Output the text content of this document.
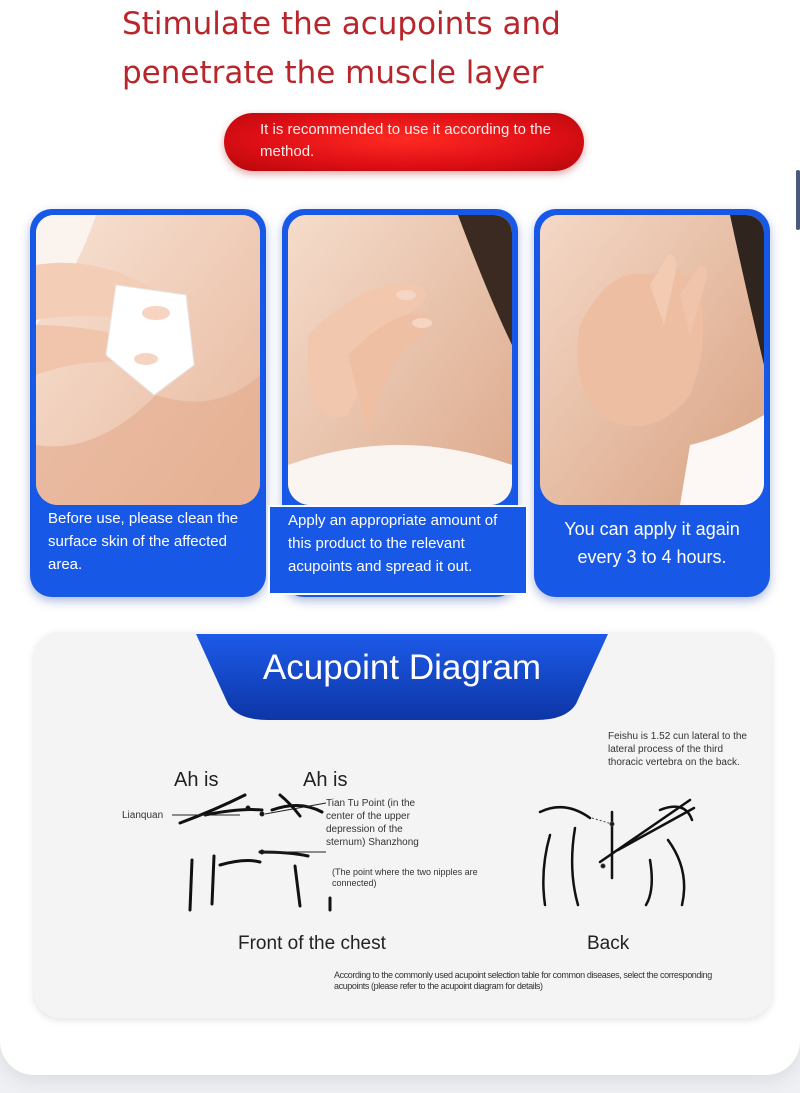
Stimulate the acupoints and
penetrate the muscle layer
It is recommended to use it according to the method.
Before use, please clean the surface skin of the affected area.
Apply an appropriate amount of this product to the relevant acupoints and spread it out.
You can apply it again every 3 to 4 hours.
Acupoint Diagram
Ah is	Ah is
Lianquan
Tian Tu Point (in the center of the upper depression of the sternum) Shanzhong
(The point where the two nipples are connected)
Front of the chest
Feishu is 1.52 cun lateral to the lateral process of the third thoracic vertebra on the back.
Back
According to the commonly used acupoint selection table for common diseases, select the corresponding acupoints (please refer to the acupoint diagram for details)
